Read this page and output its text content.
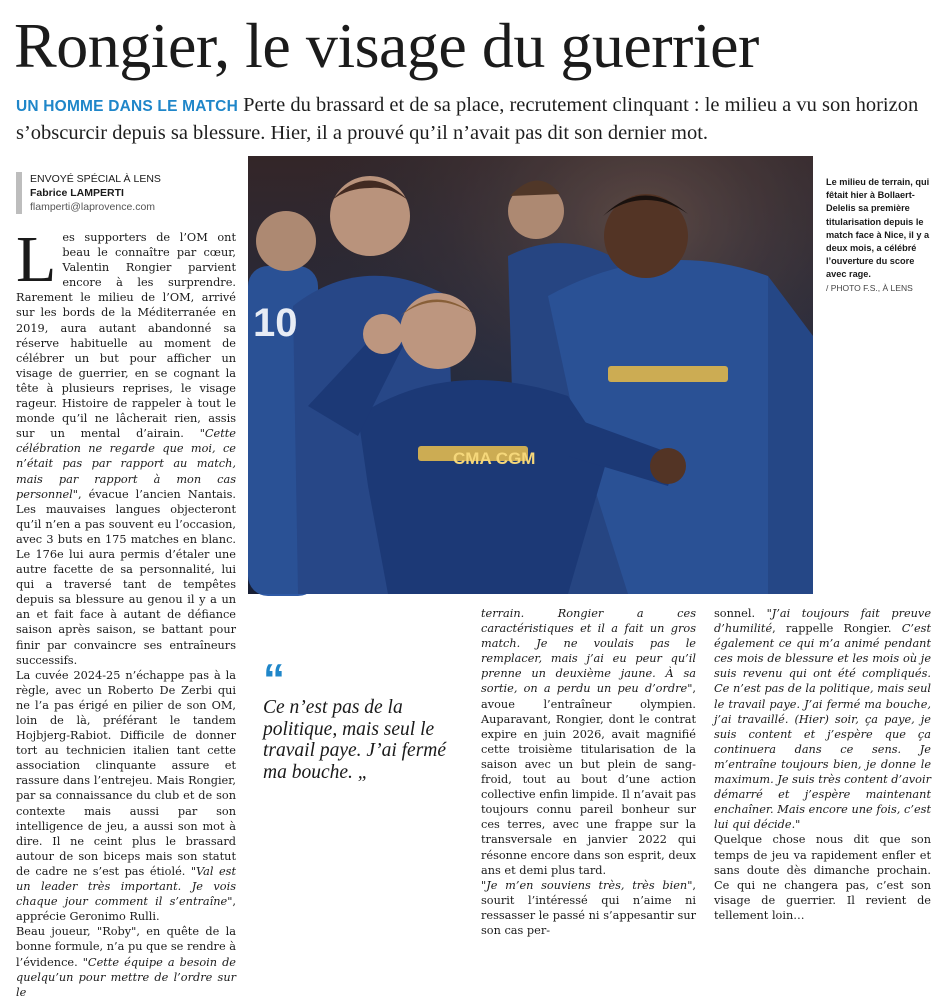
Rongier, le visage du guerrier
UN HOMME DANS LE MATCH Perte du brassard et de sa place, recrutement clinquant : le milieu a vu son horizon s’obscurcir depuis sa blessure. Hier, il a prouvé qu’il n’avait pas dit son dernier mot.
ENVOYÉ SPÉCIAL À LENS
Fabrice LAMPERTI
flamperti@laprovence.com

Les supporters de l’OM ont beau le connaître par cœur, Valentin Rongier parvient encore à les surprendre. Rarement le milieu de l’OM, arrivé sur les bords de la Méditerranée en 2019, aura autant abandonné sa réserve habituelle au moment de célébrer un but pour afficher un visage de guerrier, en se cognant la tête à plusieurs reprises, le visage rageur. Histoire de rappeler à tout le monde qu’il ne lâcherait rien, assis sur un mental d’airain. "Cette célébration ne regarde que moi, ce n’était pas par rapport au match, mais par rapport à mon cas personnel", évacue l’ancien Nantais. Les mauvaises langues objecteront qu’il n’en a pas souvent eu l’occasion, avec 3 buts en 175 matches en blanc. Le 176e lui aura permis d’étaler une autre facette de sa personnalité, lui qui a traversé tant de tempêtes depuis sa blessure au genou il y a un an et fait face à autant de défiance saison après saison, se battant pour finir par convaincre ses entraîneurs successifs.

La cuvée 2024-25 n’échappe pas à la règle, avec un Roberto De Zerbi qui ne l’a pas érigé en pilier de son OM, loin de là, préférant le tandem Hojbjerg-Rabiot. Difficile de donner tort au technicien italien tant cette association clinquante assure et rassure dans l’entrejeu. Mais Rongier, par sa connaissance du club et de son contexte mais aussi par son intelligence de jeu, a aussi son mot à dire. Il ne ceint plus le brassard autour de son biceps mais son statut de cadre ne s’est pas étiolé. "Val est un leader très important. Je vois chaque jour comment il s’entraîne", apprécie Geronimo Rulli.

Beau joueur, "Roby", en quête de la bonne formule, n’a pu que se rendre à l’évidence. "Cette équipe a besoin de quelqu’un pour mettre de l’ordre sur le

CMA CGM
10
Le milieu de terrain, qui fêtait hier à Bollaert-Delelis sa première titularisation depuis le match face à Nice, il y a deux mois, a célébré l’ouverture du score avec rage.
/ PHOTO F.S., À LENS
“
Ce n’est pas de la politique, mais seul le travail paye. J’ai fermé ma bouche. „

terrain. Rongier a ces caractéristiques et il a fait un gros match. Je ne voulais pas le remplacer, mais j’ai eu peur qu’il prenne un deuxième jaune. À sa sortie, on a perdu un peu d’ordre", avoue l’entraîneur olympien. Auparavant, Rongier, dont le contrat expire en juin 2026, avait magnifié cette troisième titularisation de la saison avec un but plein de sang-froid, tout au bout d’une action collective enfin limpide. Il n’avait pas toujours connu pareil bonheur sur ces terres, avec une frappe sur la transversale en janvier 2022 qui résonne encore dans son esprit, deux ans et demi plus tard.

"Je m’en souviens très, très bien", sourit l’intéressé qui n’aime ni ressasser le passé ni s’appesantir sur son cas per-

sonnel. "J’ai toujours fait preuve d’humilité, rappelle Rongier. C’est également ce qui m’a animé pendant ces mois de blessure et les mois où je suis revenu qui ont été compliqués. Ce n’est pas de la politique, mais seul le travail paye. J’ai fermé ma bouche, j’ai travaillé. (Hier) soir, ça paye, je suis content et j’espère que ça continuera dans ce sens. Je m’entraîne toujours bien, je donne le maximum. Je suis très content d’avoir démarré et j’espère maintenant enchaîner. Mais encore une fois, c’est lui qui décide."

Quelque chose nous dit que son temps de jeu va rapidement enfler et sans doute dès dimanche prochain. Ce qui ne changera pas, c’est son visage de guerrier. Il revient de tellement loin…
